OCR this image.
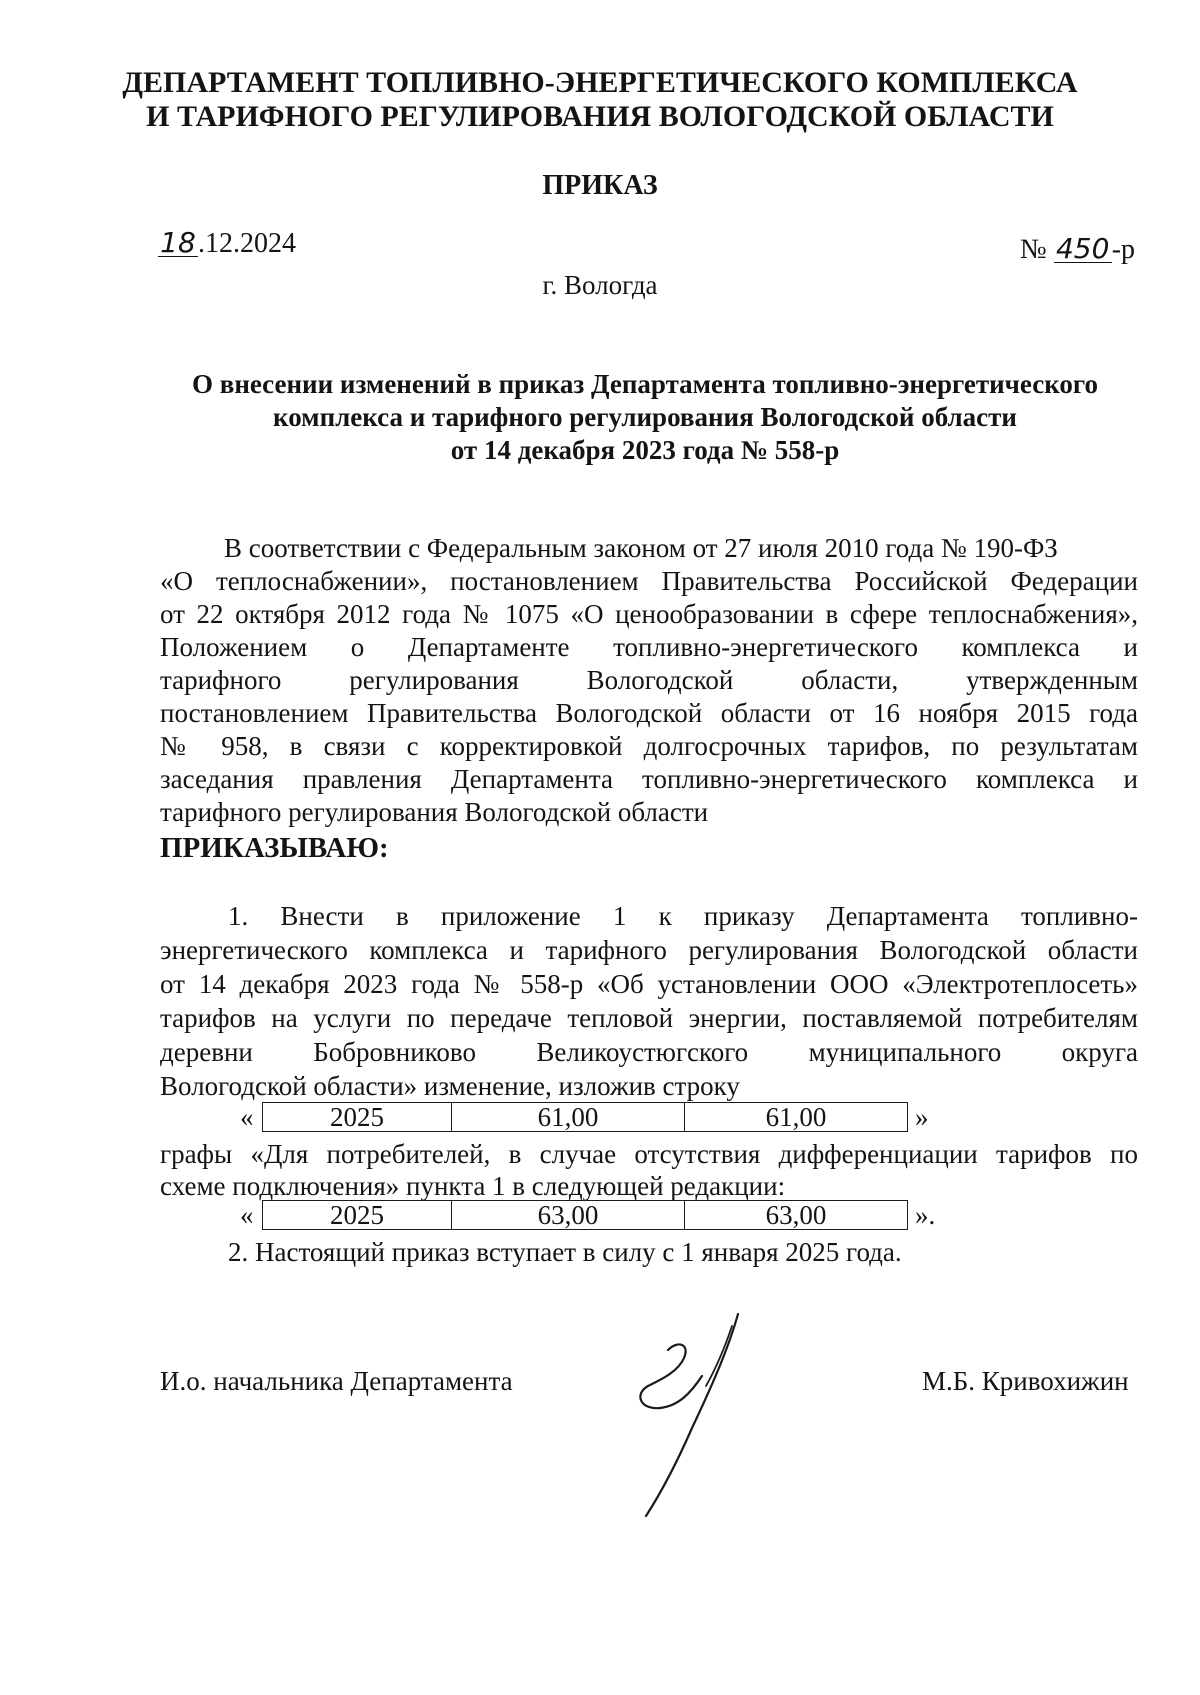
ДЕПАРТАМЕНТ ТОПЛИВНО-ЭНЕРГЕТИЧЕСКОГО КОМПЛЕКСА
И ТАРИФНОГО РЕГУЛИРОВАНИЯ ВОЛОГОДСКОЙ ОБЛАСТИ
ПРИКАЗ
18.12.2024	№ 450-р
г. Вологда
О внесении изменений в приказ Департамента топливно-энергетического
комплекса и тарифного регулирования Вологодской области
от 14 декабря 2023 года № 558-р
В соответствии с Федеральным законом от 27 июля 2010 года № 190-ФЗ
«О теплоснабжении», постановлением Правительства Российской Федерации
от 22 октября 2012 года № 1075 «О ценообразовании в сфере теплоснабжения»,
Положением о Департаменте топливно-энергетического комплекса и
тарифного регулирования Вологодской области, утвержденным
постановлением Правительства Вологодской области от 16 ноября 2015 года
№ 958, в связи с корректировкой долгосрочных тарифов, по результатам
заседания правления Департамента топливно-энергетического комплекса и
тарифного регулирования Вологодской области
ПРИКАЗЫВАЮ:
1. Внести в приложение 1 к приказу Департамента топливно-
энергетического комплекса и тарифного регулирования Вологодской области
от 14 декабря 2023 года № 558-р «Об установлении ООО «Электротеплосеть»
тарифов на услуги по передаче тепловой энергии, поставляемой потребителям
деревни Бобровниково Великоустюгского муниципального округа
Вологодской области» изменение, изложив строку
«	2025	61,00	61,00	»
графы «Для потребителей, в случае отсутствия дифференциации тарифов по
схеме подключения» пункта 1 в следующей редакции:
«	2025	63,00	63,00	».
2. Настоящий приказ вступает в силу с 1 января 2025 года.
И.о. начальника Департамента	М.Б. Кривохижин
